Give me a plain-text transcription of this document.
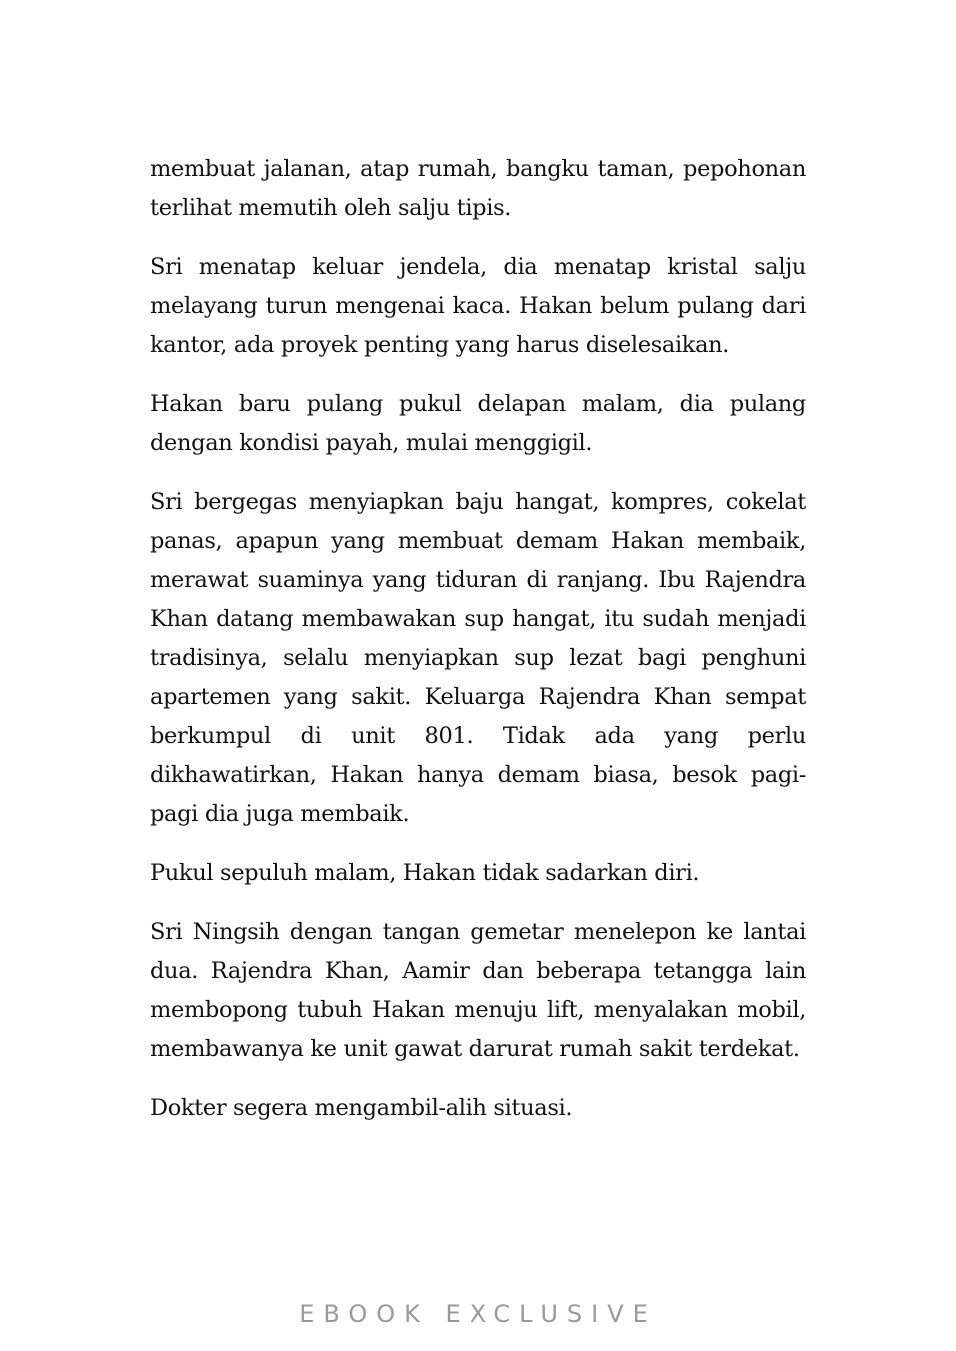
membuat jalanan, atap rumah, bangku taman, pepohonan terlihat memutih oleh salju tipis.

Sri menatap keluar jendela, dia menatap kristal salju melayang turun mengenai kaca. Hakan belum pulang dari kantor, ada proyek penting yang harus diselesaikan.

Hakan baru pulang pukul delapan malam, dia pulang dengan kondisi payah, mulai menggigil.

Sri bergegas menyiapkan baju hangat, kompres, cokelat panas, apapun yang membuat demam Hakan membaik, merawat suaminya yang tiduran di ranjang. Ibu Rajendra Khan datang membawakan sup hangat, itu sudah menjadi tradisinya, selalu menyiapkan sup lezat bagi penghuni apartemen yang sakit. Keluarga Rajendra Khan sempat berkumpul di unit 801. Tidak ada yang perlu dikhawatirkan, Hakan hanya demam biasa, besok pagi-pagi dia juga membaik.

Pukul sepuluh malam, Hakan tidak sadarkan diri.

Sri Ningsih dengan tangan gemetar menelepon ke lantai dua. Rajendra Khan, Aamir dan beberapa tetangga lain membopong tubuh Hakan menuju lift, menyalakan mobil, membawanya ke unit gawat darurat rumah sakit terdekat.

Dokter segera mengambil-alih situasi.

EBOOK EXCLUSIVE
